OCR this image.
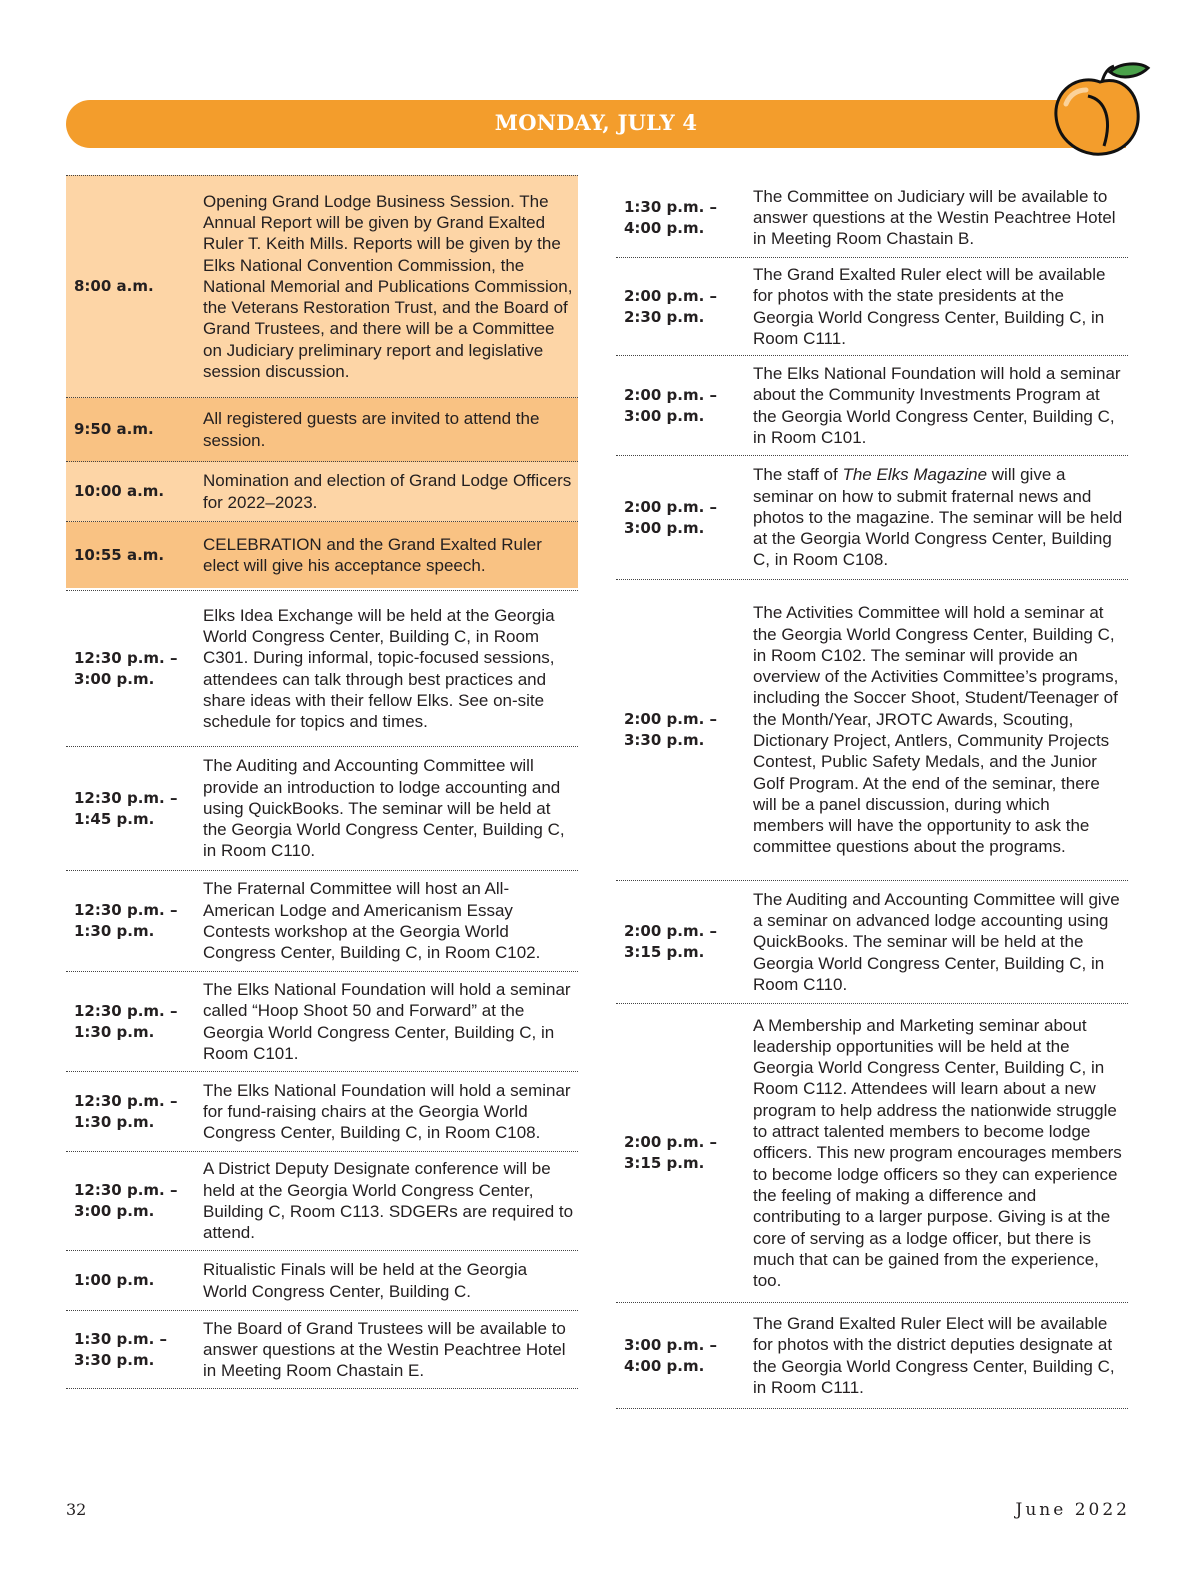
MONDAY, JULY 4
8:00 a.m.
Opening Grand Lodge Business Session. The Annual Report will be given by Grand Exalted Ruler T. Keith Mills. Reports will be given by the Elks National Convention Commission, the National Memorial and Publications Commission, the Veterans Restoration Trust, and the Board of Grand Trustees, and there will be a Committee on Judiciary preliminary report and legislative session discussion.
9:50 a.m.
All registered guests are invited to attend the session.
10:00 a.m.
Nomination and election of Grand Lodge Officers for 2022–2023.
10:55 a.m.
CELEBRATION and the Grand Exalted Ruler elect will give his acceptance speech.
12:30 p.m. – 3:00 p.m.
Elks Idea Exchange will be held at the Georgia World Congress Center, Building C, in Room C301. During informal, topic-focused sessions, attendees can talk through best practices and share ideas with their fellow Elks. See on-site schedule for topics and times.
12:30 p.m. – 1:45 p.m.
The Auditing and Accounting Committee will provide an introduction to lodge accounting and using QuickBooks. The seminar will be held at the Georgia World Congress Center, Building C, in Room C110.
12:30 p.m. – 1:30 p.m.
The Fraternal Committee will host an All-American Lodge and Americanism Essay Contests workshop at the Georgia World Congress Center, Building C, in Room C102.
12:30 p.m. – 1:30 p.m.
The Elks National Foundation will hold a seminar called “Hoop Shoot 50 and Forward” at the Georgia World Congress Center, Building C, in Room C101.
12:30 p.m. – 1:30 p.m.
The Elks National Foundation will hold a seminar for fund-raising chairs at the Georgia World Congress Center, Building C, in Room C108.
12:30 p.m. – 3:00 p.m.
A District Deputy Designate conference will be held at the Georgia World Congress Center, Building C, Room C113. SDGERs are required to attend.
1:00 p.m.
Ritualistic Finals will be held at the Georgia World Congress Center, Building C.
1:30 p.m. – 3:30 p.m.
The Board of Grand Trustees will be available to answer questions at the Westin Peachtree Hotel in Meeting Room Chastain E.
1:30 p.m. – 4:00 p.m.
The Committee on Judiciary will be available to answer questions at the Westin Peachtree Hotel in Meeting Room Chastain B.
2:00 p.m. – 2:30 p.m.
The Grand Exalted Ruler elect will be available for photos with the state presidents at the Georgia World Congress Center, Building C, in Room C111.
2:00 p.m. – 3:00 p.m.
The Elks National Foundation will hold a seminar about the Community Investments Program at the Georgia World Congress Center, Building C, in Room C101.
2:00 p.m. – 3:00 p.m.
The staff of The Elks Magazine will give a seminar on how to submit fraternal news and photos to the magazine. The seminar will be held at the Georgia World Congress Center, Building C, in Room C108.
2:00 p.m. – 3:30 p.m.
The Activities Committee will hold a seminar at the Georgia World Congress Center, Building C, in Room C102. The seminar will provide an overview of the Activities Committee’s programs, including the Soccer Shoot, Student/Teenager of the Month/Year, JROTC Awards, Scouting, Dictionary Project, Antlers, Community Projects Contest, Public Safety Medals, and the Junior Golf Program. At the end of the seminar, there will be a panel discussion, during which members will have the opportunity to ask the committee questions about the programs.
2:00 p.m. – 3:15 p.m.
The Auditing and Accounting Committee will give a seminar on advanced lodge accounting using QuickBooks. The seminar will be held at the Georgia World Congress Center, Building C, in Room C110.
2:00 p.m. – 3:15 p.m.
A Membership and Marketing seminar about leadership opportunities will be held at the Georgia World Congress Center, Building C, in Room C112. Attendees will learn about a new program to help address the nationwide struggle to attract talented members to become lodge officers. This new program encourages members to become lodge officers so they can experience the feeling of making a difference and contributing to a larger purpose. Giving is at the core of serving as a lodge officer, but there is much that can be gained from the experience, too.
3:00 p.m. – 4:00 p.m.
The Grand Exalted Ruler Elect will be available for photos with the district deputies designate at the Georgia World Congress Center, Building C, in Room C111.
32	June 2022
